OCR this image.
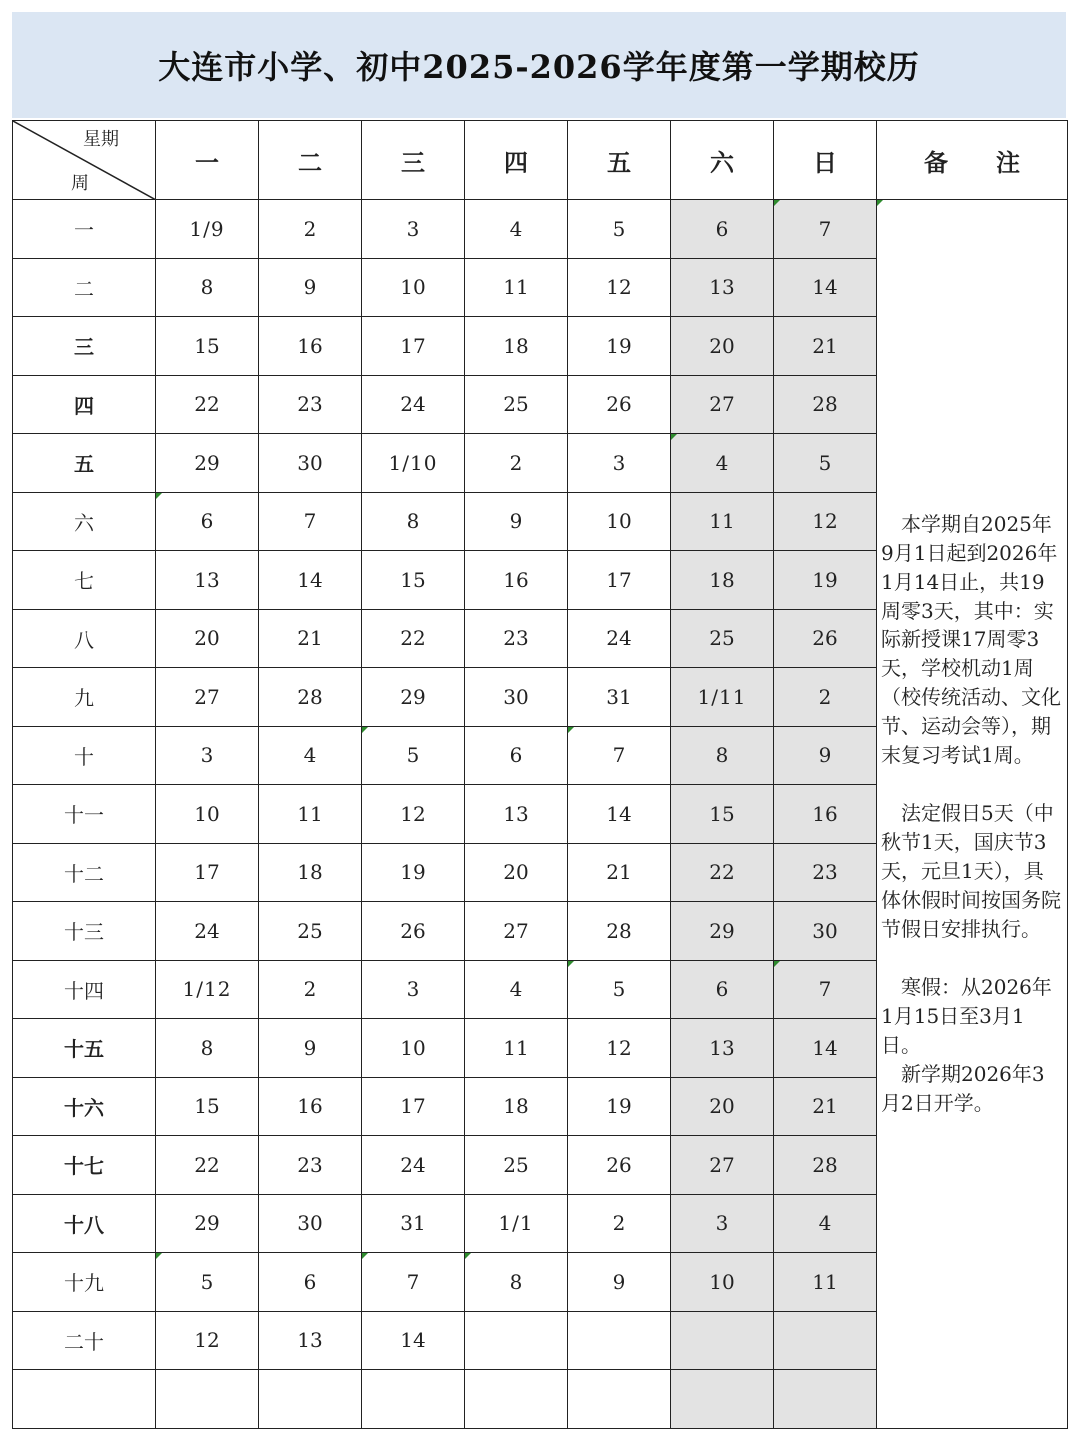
大连市小学、初中2025-2026学年度第一学期校历
星期
周	一	二	三	四	五	六	日	备　　注
一	1/9	2	3	4	5	6	7	　本学期自2025年9月1日起到2026年1月14日止，共19周零3天，其中：实际新授课17周零3天，学校机动1周（校传统活动、文化节、运动会等），期末复习考试1周。
　法定假日5天（中秋节1天，国庆节3天，元旦1天），具体休假时间按国务院节假日安排执行。
　寒假：从2026年1月15日至3月1日。
　新学期2026年3月2日开学。

二	8	9	10	11	12	13	14	
三	15	16	17	18	19	20	21	
四	22	23	24	25	26	27	28	
五	29	30	1/10	2	3	4	5	
六	6	7	8	9	10	11	12	
七	13	14	15	16	17	18	19	
八	20	21	22	23	24	25	26	
九	27	28	29	30	31	1/11	2	
十	3	4	5	6	7	8	9	
十一	10	11	12	13	14	15	16	
十二	17	18	19	20	21	22	23	
十三	24	25	26	27	28	29	30	
十四	1/12	2	3	4	5	6	7	
十五	8	9	10	11	12	13	14	
十六	15	16	17	18	19	20	21	
十七	22	23	24	25	26	27	28	
十八	29	30	31	1/1	2	3	4	
十九	5	6	7	8	9	10	11	
二十	12	13	14					
